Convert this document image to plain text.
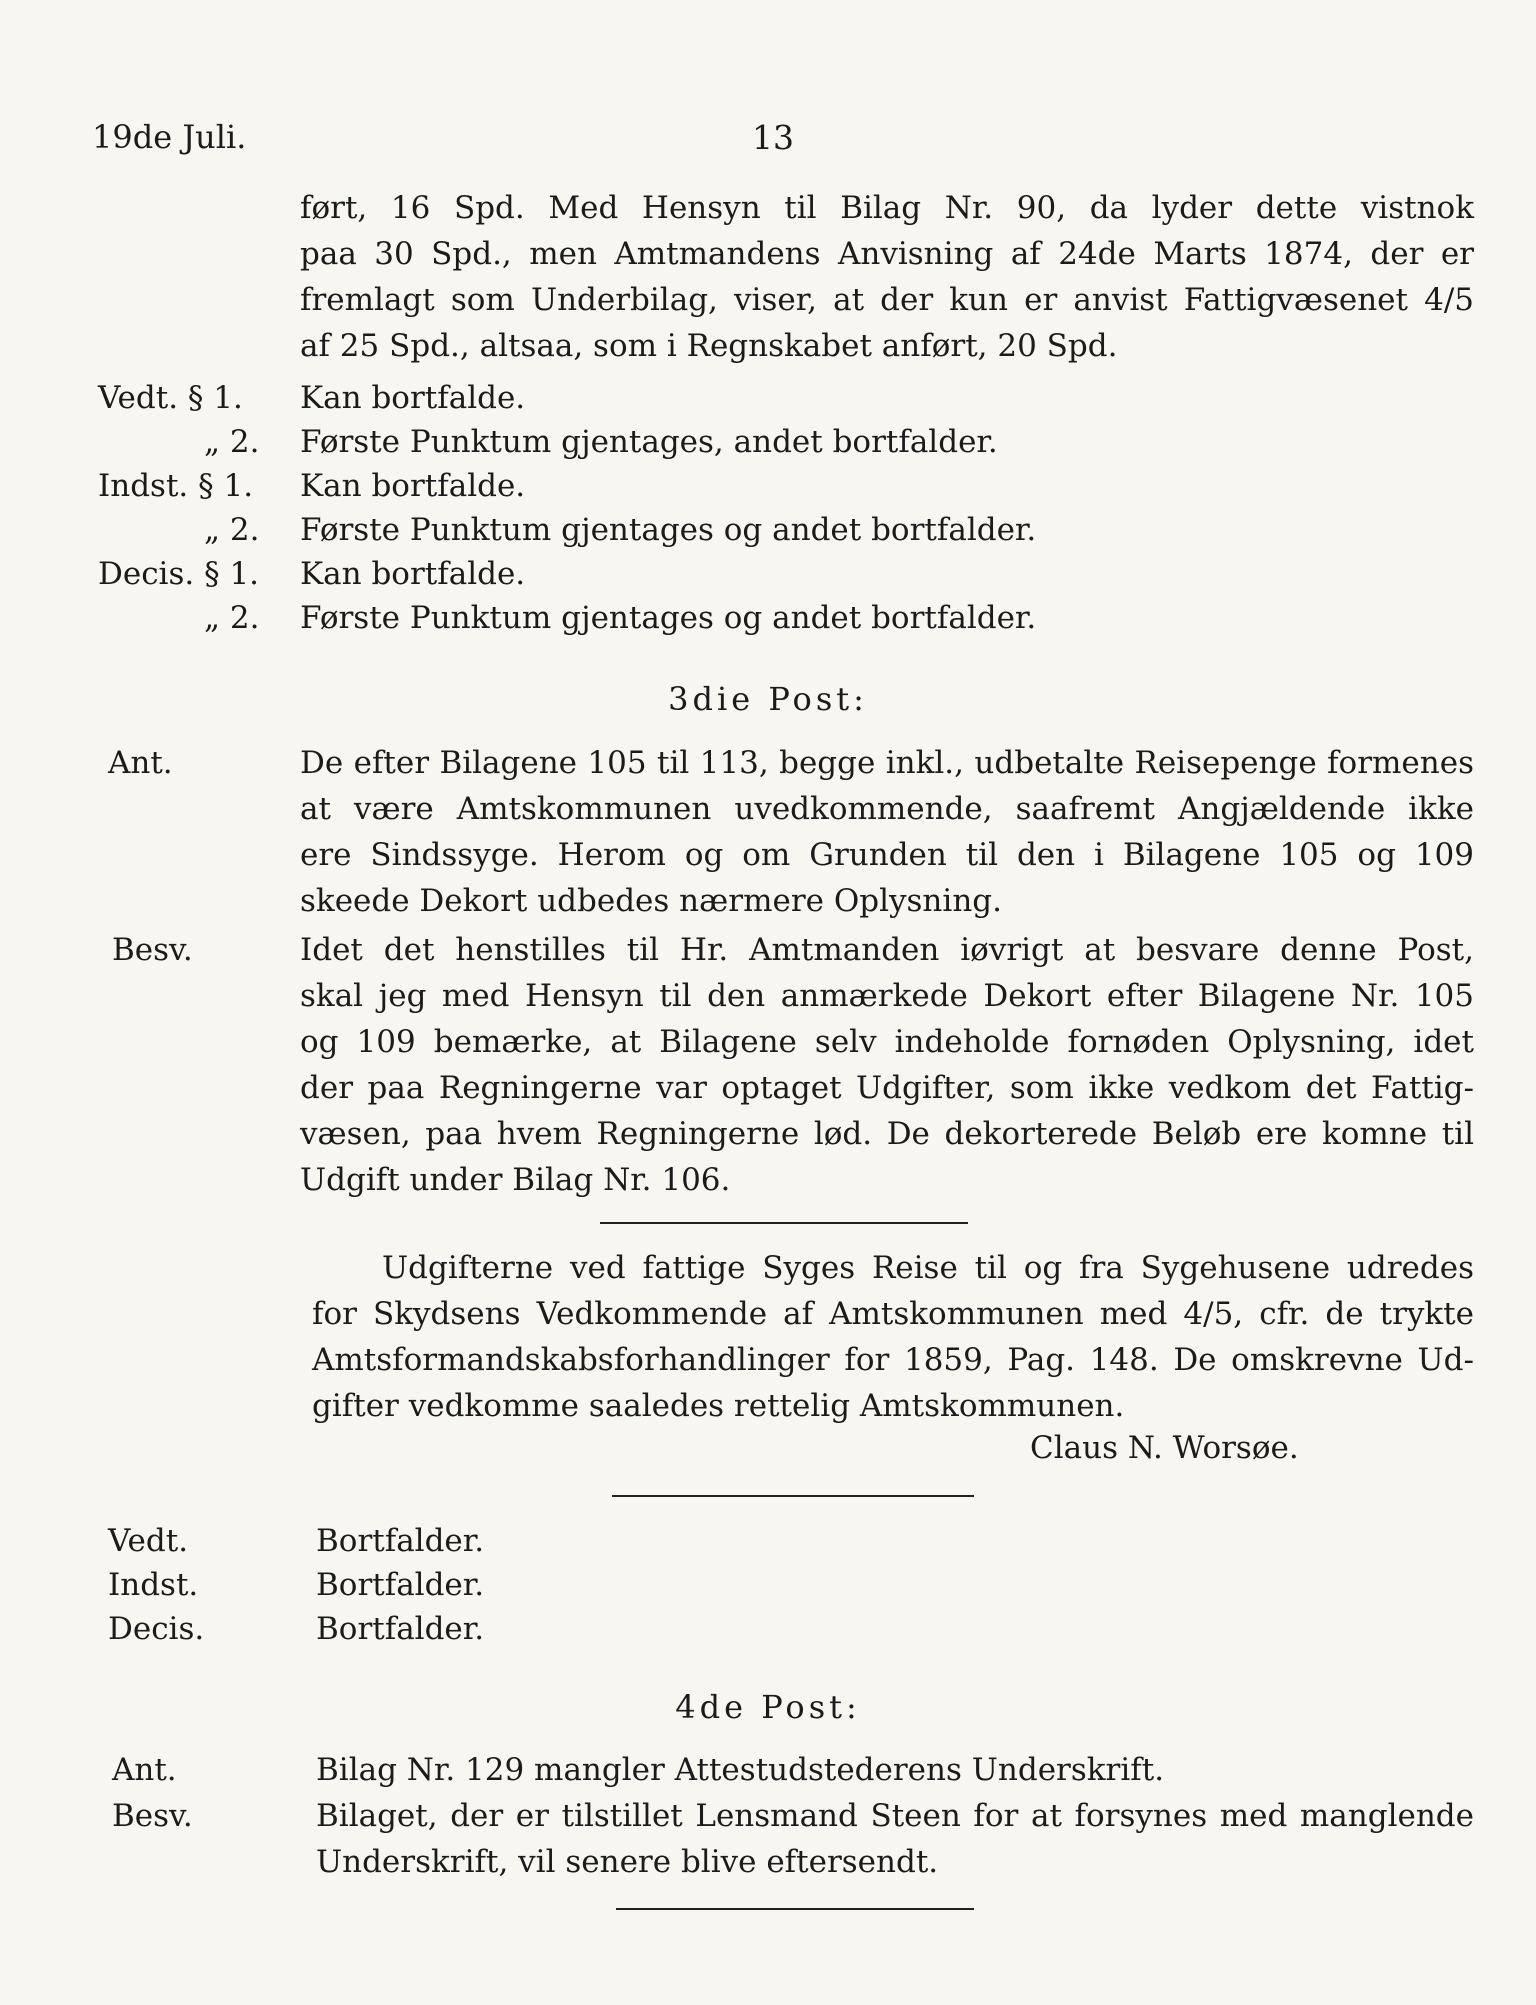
19de Juli.	13
ført, 16 Spd. Med Hensyn til Bilag Nr. 90, da lyder dette vistnok
paa 30 Spd., men Amtmandens Anvisning af 24de Marts 1874, der er
fremlagt som Underbilag, viser, at der kun er anvist Fattigvæsenet 4/5
af 25 Spd., altsaa, som i Regnskabet anført, 20 Spd.
Vedt. § 1. Kan bortfalde.
„ 2. Første Punktum gjentages, andet bortfalder.
Indst. § 1. Kan bortfalde.
„ 2. Første Punktum gjentages og andet bortfalder.
Decis. § 1. Kan bortfalde.
„ 2. Første Punktum gjentages og andet bortfalder.
3die Post:
Ant.	De efter Bilagene 105 til 113, begge inkl., udbetalte Reisepenge formenes
at være Amtskommunen uvedkommende, saafremt Angjældende ikke
ere Sindssyge. Herom og om Grunden til den i Bilagene 105 og 109
skeede Dekort udbedes nærmere Oplysning.
Besv.	Idet det henstilles til Hr. Amtmanden iøvrigt at besvare denne Post,
skal jeg med Hensyn til den anmærkede Dekort efter Bilagene Nr. 105
og 109 bemærke, at Bilagene selv indeholde fornøden Oplysning, idet
der paa Regningerne var optaget Udgifter, som ikke vedkom det Fattig-
væsen, paa hvem Regningerne lød. De dekorterede Beløb ere komne til
Udgift under Bilag Nr. 106.
Udgifterne ved fattige Syges Reise til og fra Sygehusene udredes
for Skydsens Vedkommende af Amtskommunen med 4/5, cfr. de trykte
Amtsformandskabsforhandlinger for 1859, Pag. 148. De omskrevne Ud-
gifter vedkomme saaledes rettelig Amtskommunen.
Claus N. Worsøe.
Vedt.	Bortfalder.
Indst.	Bortfalder.
Decis.	Bortfalder.
4de Post:
Ant.	Bilag Nr. 129 mangler Attestudstederens Underskrift.
Besv.	Bilaget, der er tilstillet Lensmand Steen for at forsynes med manglende
Underskrift, vil senere blive eftersendt.
